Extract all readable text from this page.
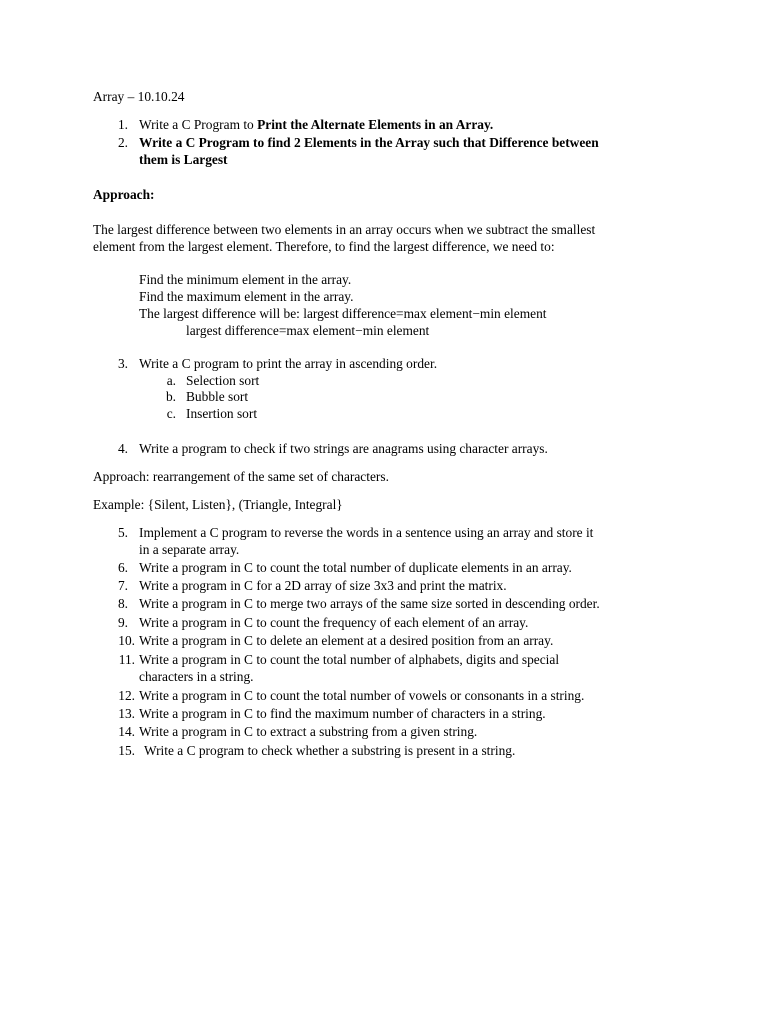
Array – 10.10.24
1. Write a C Program to Print the Alternate Elements in an Array.
2. Write a C Program to find 2 Elements in the Array such that Difference between
them is Largest
Approach:
The largest difference between two elements in an array occurs when we subtract the smallest
element from the largest element. Therefore, to find the largest difference, we need to:
Find the minimum element in the array.
Find the maximum element in the array.
The largest difference will be: largest difference=max element−min element
largest difference=max element−min element
3. Write a C program to print the array in ascending order.
a. Selection sort
b. Bubble sort
c. Insertion sort
4. Write a program to check if two strings are anagrams using character arrays.
Approach: rearrangement of the same set of characters.
Example: {Silent, Listen}, (Triangle, Integral}
5. Implement a C program to reverse the words in a sentence using an array and store it
in a separate array.
6. Write a program in C to count the total number of duplicate elements in an array.
7. Write a program in C for a 2D array of size 3x3 and print the matrix.
8. Write a program in C to merge two arrays of the same size sorted in descending order.
9. Write a program in C to count the frequency of each element of an array.
10. Write a program in C to delete an element at a desired position from an array.
11. Write a program in C to count the total number of alphabets, digits and special
characters in a string.
12. Write a program in C to count the total number of vowels or consonants in a string.
13. Write a program in C to find the maximum number of characters in a string.
14. Write a program in C to extract a substring from a given string.
15. Write a C program to check whether a substring is present in a string.
